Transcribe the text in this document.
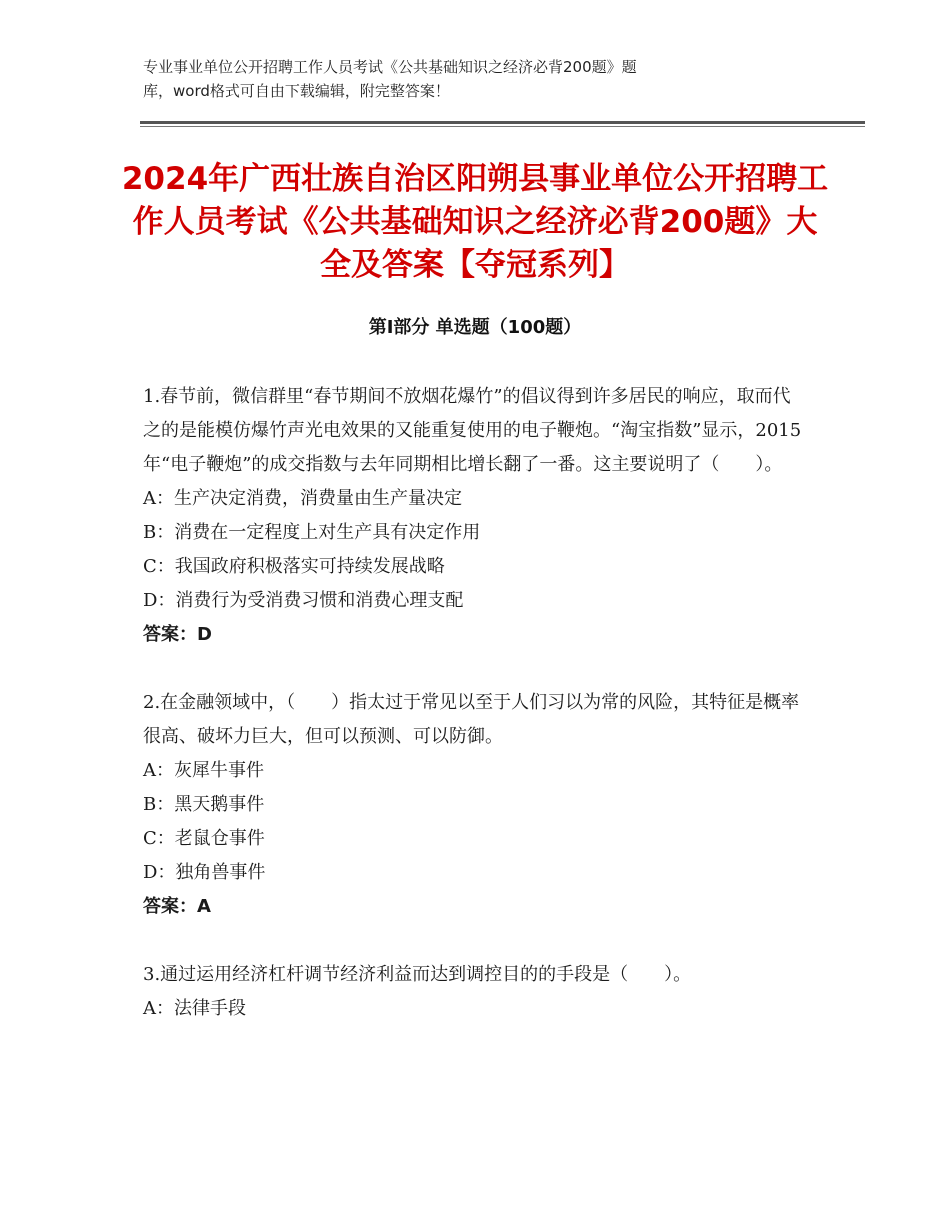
专业事业单位公开招聘工作人员考试《公共基础知识之经济必背200题》题
库，word格式可自由下载编辑，附完整答案！
2024年广西壮族自治区阳朔县事业单位公开招聘工作人员考试《公共基础知识之经济必背200题》大全及答案【夺冠系列】
第Ⅰ部分 单选题（100题）

1.春节前，微信群里“春节期间不放烟花爆竹”的倡议得到许多居民的响应，取而代之的是能模仿爆竹声光电效果的又能重复使用的电子鞭炮。“淘宝指数”显示，2015年“电子鞭炮”的成交指数与去年同期相比增长翻了一番。这主要说明了（　　）。

A：生产决定消费，消费量由生产量决定

B：消费在一定程度上对生产具有决定作用

C：我国政府积极落实可持续发展战略

D：消费行为受消费习惯和消费心理支配

答案：D

2.在金融领域中，（　　）指太过于常见以至于人们习以为常的风险，其特征是概率很高、破坏力巨大，但可以预测、可以防御。

A：灰犀牛事件

B：黑天鹅事件

C：老鼠仓事件

D：独角兽事件

答案：A

3.通过运用经济杠杆调节经济利益而达到调控目的的手段是（　　）。

A：法律手段
